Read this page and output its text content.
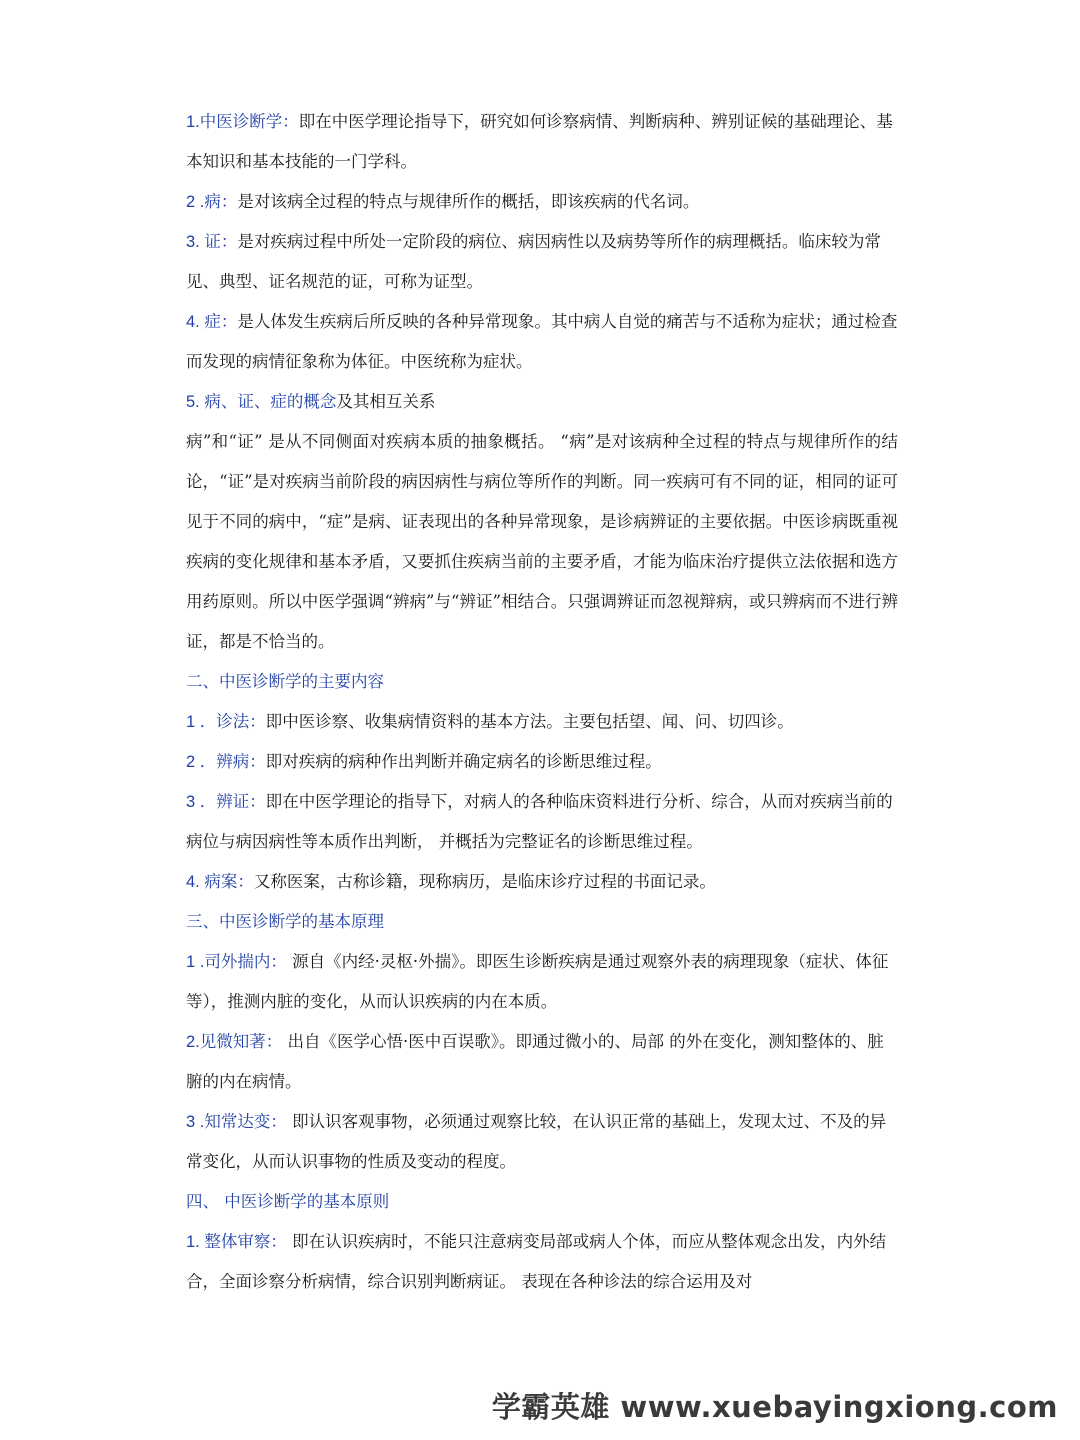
1.中医诊断学：即在中医学理论指导下，研究如何诊察病情、判断病种、辨别证候的基础理论、基本知识和基本技能的一门学科。

2 .病：是对该病全过程的特点与规律所作的概括，即该疾病的代名词。

3. 证：是对疾病过程中所处一定阶段的病位、病因病性以及病势等所作的病理概括。临床较为常见、典型、证名规范的证，可称为证型。

4. 症：是人体发生疾病后所反映的各种异常现象。其中病人自觉的痛苦与不适称为症状；通过检查而发现的病情征象称为体征。中医统称为症状。

5. 病、证、症的概念及其相互关系

病”和“证” 是从不同侧面对疾病本质的抽象概括。 “病”是对该病种全过程的特点与规律所作的结论，“证”是对疾病当前阶段的病因病性与病位等所作的判断。同一疾病可有不同的证，相同的证可见于不同的病中，“症”是病、证表现出的各种异常现象，是诊病辨证的主要依据。中医诊病既重视疾病的变化规律和基本矛盾，又要抓住疾病当前的主要矛盾，才能为临床治疗提供立法依据和选方用药原则。所以中医学强调“辨病”与“辨证”相结合。只强调辨证而忽视辩病，或只辨病而不进行辨证，都是不恰当的。

二、中医诊断学的主要内容

1 ．诊法：即中医诊察、收集病情资料的基本方法。主要包括望、闻、问、切四诊。

2 ．辨病：即对疾病的病种作出判断并确定病名的诊断思维过程。

3 ．辨证：即在中医学理论的指导下，对病人的各种临床资料进行分析、综合，从而对疾病当前的病位与病因病性等本质作出判断， 并概括为完整证名的诊断思维过程。

4. 病案：又称医案，古称诊籍，现称病历，是临床诊疗过程的书面记录。

三、中医诊断学的基本原理

1 .司外揣内： 源自《内经·灵枢·外揣》。即医生诊断疾病是通过观察外表的病理现象（症状、体征等），推测内脏的变化，从而认识疾病的内在本质。

2.见微知著： 出自《医学心悟·医中百误歌》。即通过微小的、局部 的外在变化，测知整体的、脏腑的内在病情。

3 .知常达变： 即认识客观事物，必须通过观察比较，在认识正常的基础上，发现太过、不及的异常变化，从而认识事物的性质及变动的程度。

四、 中医诊断学的基本原则

1. 整体审察： 即在认识疾病时，不能只注意病变局部或病人个体，而应从整体观念出发，内外结合，全面诊察分析病情，综合识别判断病证。 表现在各种诊法的综合运用及对

学霸英雄 www.xuebayingxiong.com
